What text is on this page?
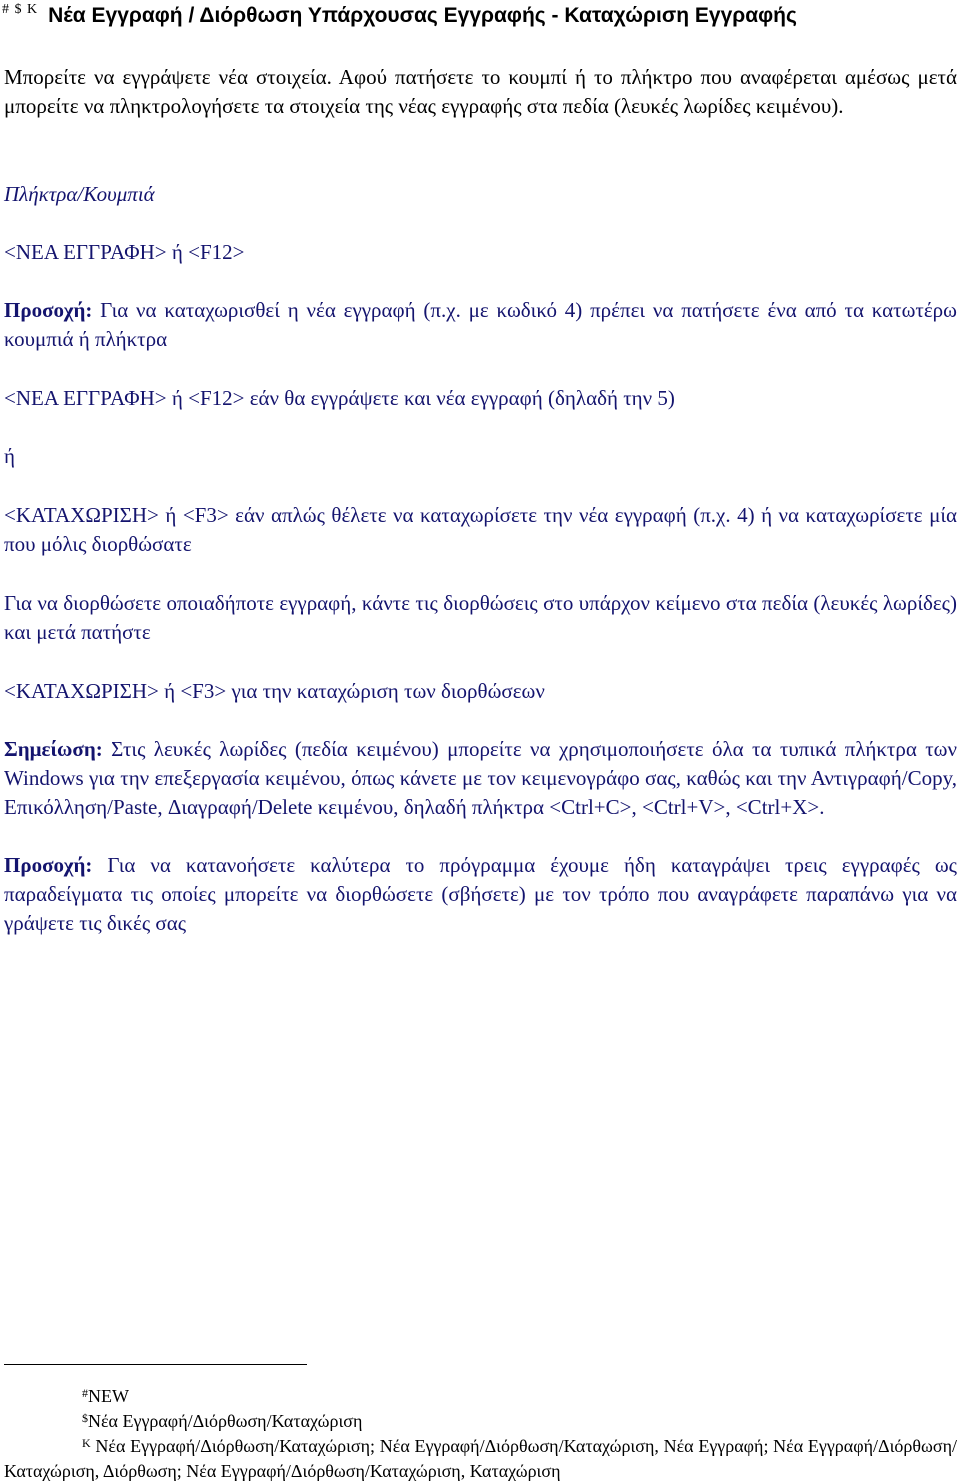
# $ K Νέα Εγγραφή / Διόρθωση Υπάρχουσας Εγγραφής - Καταχώριση Εγγραφής
Μπορείτε να εγγράψετε νέα στοιχεία. Αφού πατήσετε το κουμπί ή το πλήκτρο που αναφέρεται αμέσως μετά μπορείτε να πληκτρολογήσετε τα στοιχεία της νέας εγγραφής στα πεδία (λευκές λωρίδες κειμένου).
Πλήκτρα/Κουμπιά
<ΝΕΑ ΕΓΓΡΑΦΗ> ή <F12>
Προσοχή: Για να καταχωρισθεί η νέα εγγραφή (π.χ. με κωδικό 4) πρέπει να πατήσετε ένα από τα κατωτέρω κουμπιά ή πλήκτρα
<ΝΕΑ ΕΓΓΡΑΦΗ> ή <F12> εάν θα εγγράψετε και νέα εγγραφή (δηλαδή την 5)
ή
<ΚΑΤΑΧΩΡΙΣΗ> ή <F3> εάν απλώς θέλετε να καταχωρίσετε την νέα εγγραφή (π.χ. 4) ή να καταχωρίσετε μία που μόλις διορθώσατε
Για να διορθώσετε οποιαδήποτε εγγραφή, κάντε τις διορθώσεις στο υπάρχον κείμενο στα πεδία (λευκές λωρίδες) και μετά πατήστε
<ΚΑΤΑΧΩΡΙΣΗ> ή <F3> για την καταχώριση των διορθώσεων
Σημείωση: Στις λευκές λωρίδες (πεδία κειμένου) μπορείτε να χρησιμοποιήσετε όλα τα τυπικά πλήκτρα των Windows για την επεξεργασία κειμένου, όπως κάνετε με τον κειμενογράφο σας, καθώς και την Αντιγραφή/Copy, Επικόλληση/Paste, Διαγραφή/Delete κειμένου, δηλαδή πλήκτρα <Ctrl+C>, <Ctrl+V>, <Ctrl+X>.
Προσοχή: Για να κατανοήσετε καλύτερα το πρόγραμμα έχουμε ήδη καταγράψει τρεις εγγραφές ως παραδείγματα τις οποίες μπορείτε να διορθώσετε (σβήσετε) με τον τρόπο που αναγράφετε παραπάνω για να γράψετε τις δικές σας
#NEW
$Νέα Εγγραφή/Διόρθωση/Καταχώριση
$^K$ Νέα Εγγραφή/Διόρθωση/Καταχώριση; Νέα Εγγραφή/Διόρθωση/Καταχώριση, Νέα Εγγραφή; Νέα Εγγραφή/Διόρθωση/Καταχώριση, Διόρθωση; Νέα Εγγραφή/Διόρθωση/Καταχώριση, Καταχώριση
